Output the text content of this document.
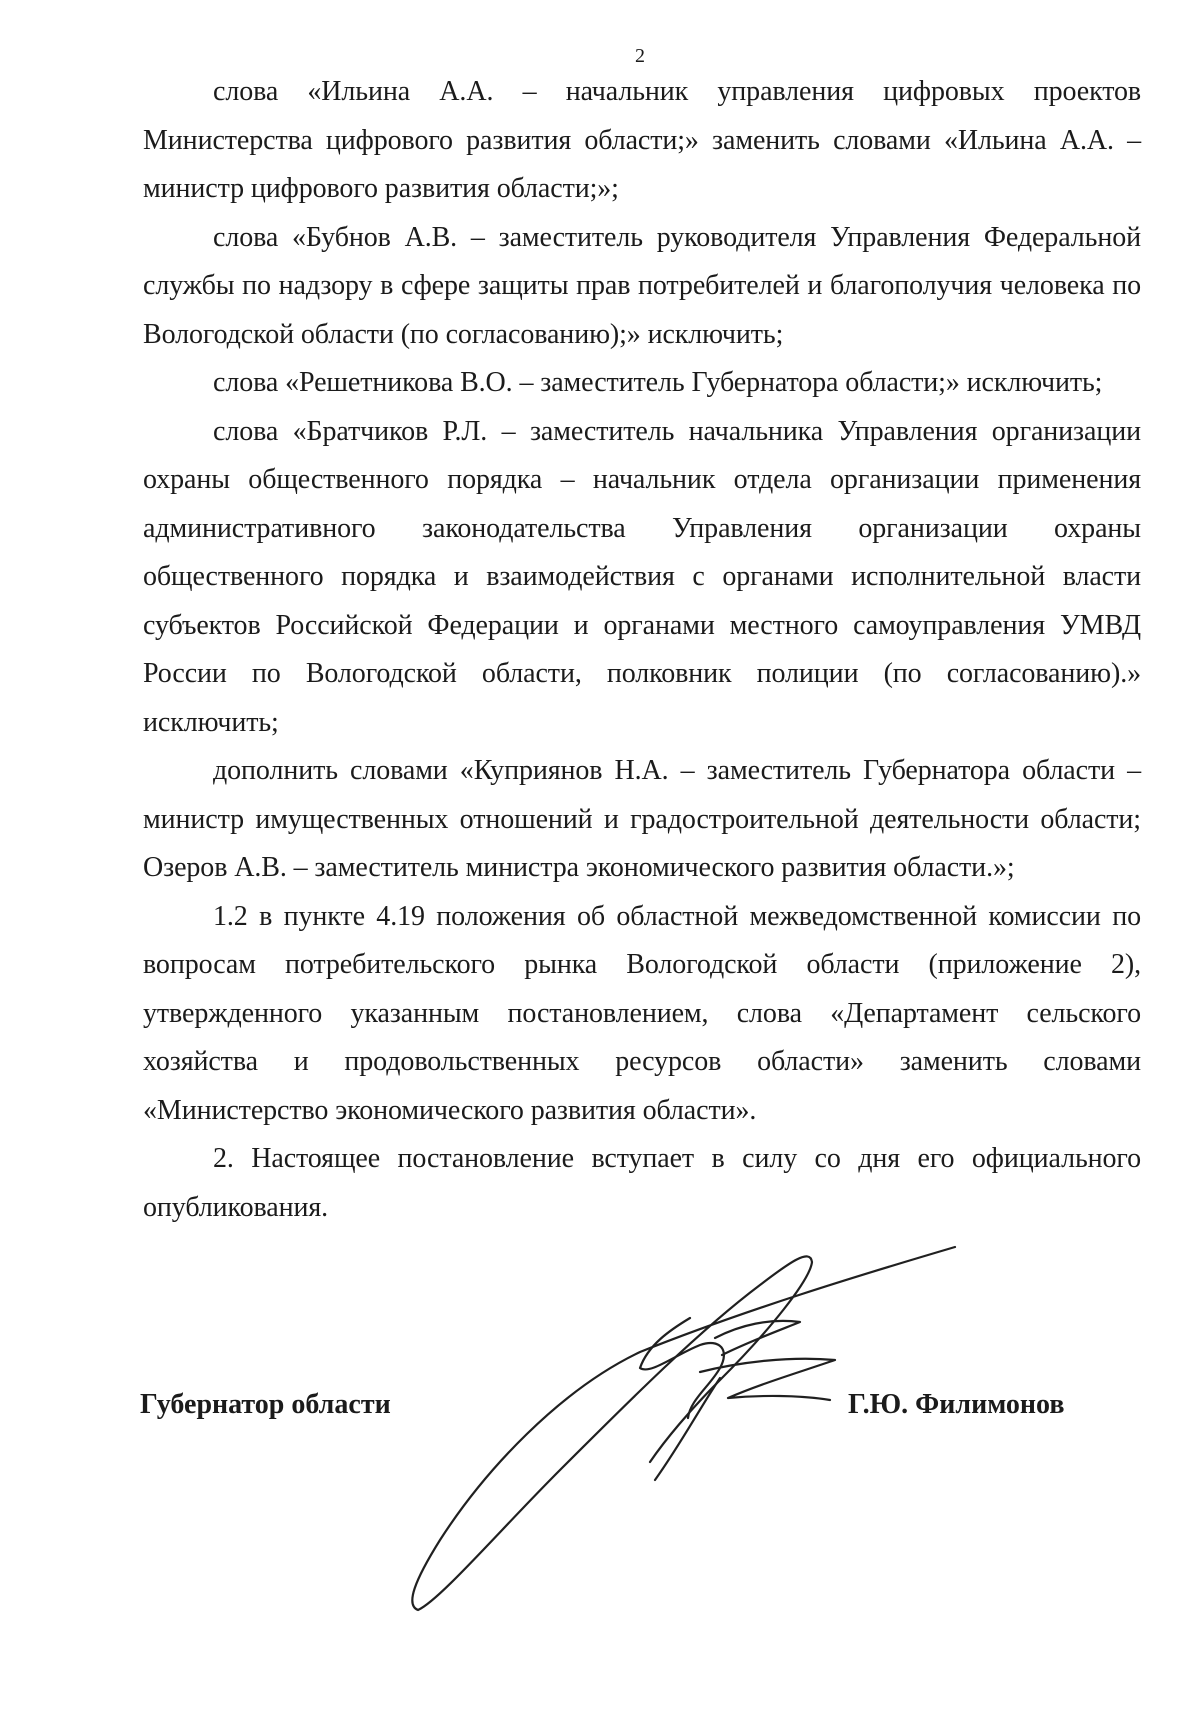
2

слова «Ильина А.А. – начальник управления цифровых проектов Министерства цифрового развития области;» заменить словами «Ильина А.А. – министр цифрового развития области;»;

слова «Бубнов А.В. – заместитель руководителя Управления Федеральной службы по надзору в сфере защиты прав потребителей и благополучия человека по Вологодской области (по согласованию);» исключить;

слова «Решетникова В.О. – заместитель Губернатора области;» исключить;

слова «Братчиков Р.Л. – заместитель начальника Управления организации охраны общественного порядка – начальник отдела организации применения административного законодательства Управления организации охраны общественного порядка и взаимодействия с органами исполнительной власти субъектов Российской Федерации и органами местного самоуправления УМВД России по Вологодской области, полковник полиции (по согласованию).» исключить;

дополнить словами «Куприянов Н.А. – заместитель Губернатора области – министр имущественных отношений и градостроительной деятельности области; Озеров А.В. – заместитель министра экономического развития области.»;

1.2 в пункте 4.19 положения об областной межведомственной комиссии по вопросам потребительского рынка Вологодской области (приложение 2), утвержденного указанным постановлением, слова «Департамент сельского хозяйства и продовольственных ресурсов области» заменить словами «Министерство экономического развития области».

2. Настоящее постановление вступает в силу со дня его официального опубликования.

Губернатор области	Г.Ю. Филимонов
